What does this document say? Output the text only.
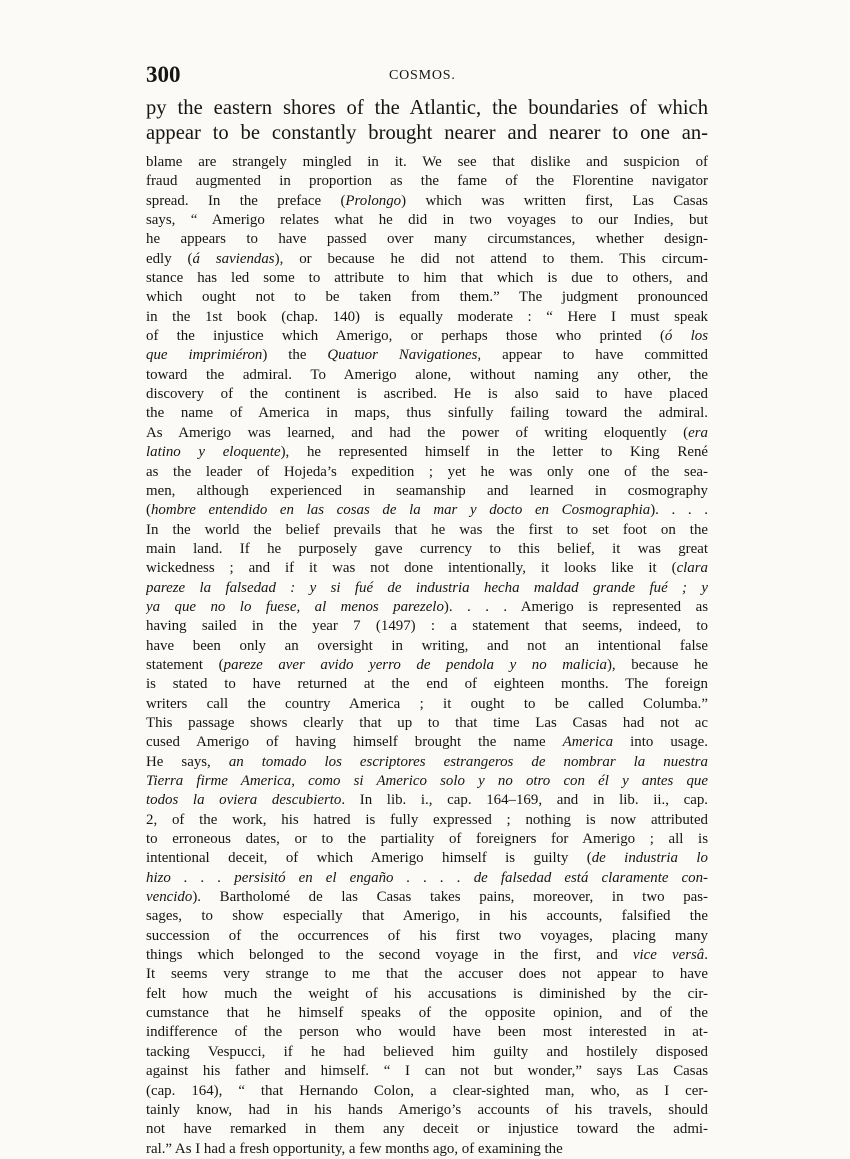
300	COSMOS.
py the eastern shores of the Atlantic, the boundaries of which
appear to be constantly brought nearer and nearer to one an-
blame are strangely mingled in it. We see that dislike and suspicion of
fraud augmented in proportion as the fame of the Florentine navigator
spread. In the preface (Prolongo) which was written first, Las Casas
says, “ Amerigo relates what he did in two voyages to our Indies, but
he appears to have passed over many circumstances, whether design-
edly (á saviendas), or because he did not attend to them. This circum-
stance has led some to attribute to him that which is due to others, and
which ought not to be taken from them.” The judgment pronounced
in the 1st book (chap. 140) is equally moderate : “ Here I must speak
of the injustice which Amerigo, or perhaps those who printed (ó los
que imprimiéron) the Quatuor Navigationes, appear to have committed
toward the admiral. To Amerigo alone, without naming any other, the
discovery of the continent is ascribed. He is also said to have placed
the name of America in maps, thus sinfully failing toward the admiral.
As Amerigo was learned, and had the power of writing eloquently (era
latino y eloquente), he represented himself in the letter to King René
as the leader of Hojeda’s expedition ; yet he was only one of the sea-
men, although experienced in seamanship and learned in cosmography
(hombre entendido en las cosas de la mar y docto en Cosmographia). . . .
In the world the belief prevails that he was the first to set foot on the
main land. If he purposely gave currency to this belief, it was great
wickedness ; and if it was not done intentionally, it looks like it (clara
pareze la falsedad : y si fué de industria hecha maldad grande fué ; y
ya que no lo fuese, al menos parezelo). . . . Amerigo is represented as
having sailed in the year 7 (1497) : a statement that seems, indeed, to
have been only an oversight in writing, and not an intentional false
statement (pareze aver avido yerro de pendola y no malicia), because he
is stated to have returned at the end of eighteen months. The foreign
writers call the country America ; it ought to be called Columba.”
This passage shows clearly that up to that time Las Casas had not ac
cused Amerigo of having himself brought the name America into usage.
He says, an tomado los escriptores estrangeros de nombrar la nuestra
Tierra firme America, como si Americo solo y no otro con él y antes que
todos la oviera descubierto. In lib. i., cap. 164–169, and in lib. ii., cap.
2, of the work, his hatred is fully expressed ; nothing is now attributed
to erroneous dates, or to the partiality of foreigners for Amerigo ; all is
intentional deceit, of which Amerigo himself is guilty (de industria lo
hizo . . . persisitó en el engaño . . . . de falsedad está claramente con-
vencido). Bartholomé de las Casas takes pains, moreover, in two pas-
sages, to show especially that Amerigo, in his accounts, falsified the
succession of the occurrences of his first two voyages, placing many
things which belonged to the second voyage in the first, and vice versâ.
It seems very strange to me that the accuser does not appear to have
felt how much the weight of his accusations is diminished by the cir-
cumstance that he himself speaks of the opposite opinion, and of the
indifference of the person who would have been most interested in at-
tacking Vespucci, if he had believed him guilty and hostilely disposed
against his father and himself. “ I can not but wonder,” says Las Casas
(cap. 164), “ that Hernando Colon, a clear-sighted man, who, as I cer-
tainly know, had in his hands Amerigo’s accounts of his travels, should
not have remarked in them any deceit or injustice toward the admi-
ral.” As I had a fresh opportunity, a few months ago, of examining the
